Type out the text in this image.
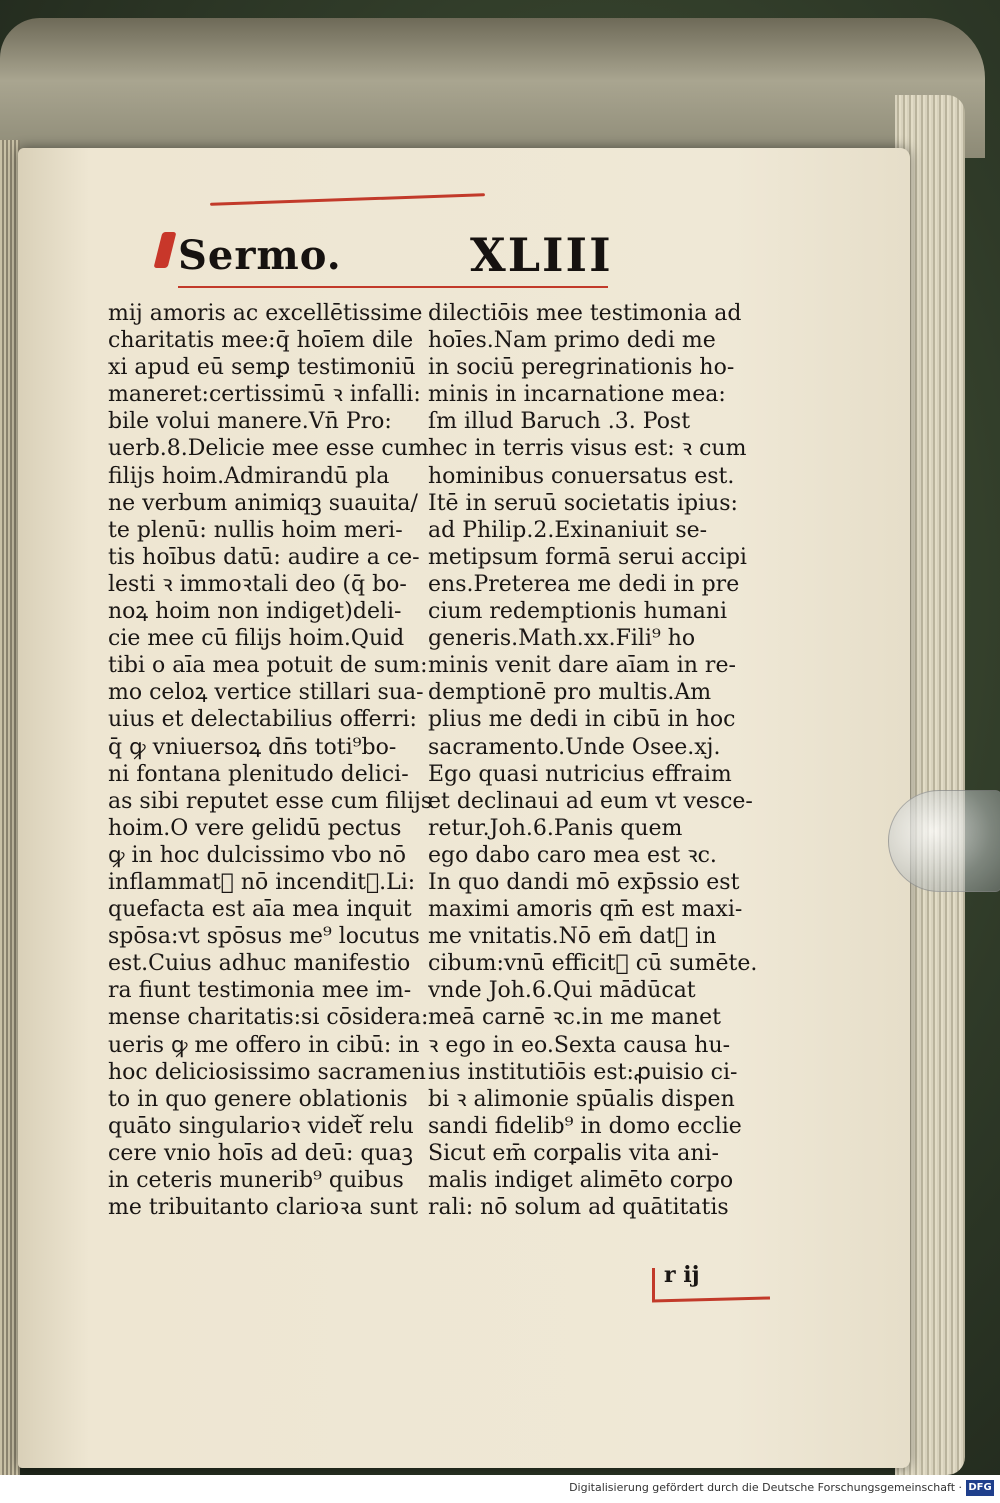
Sermo.	XLIII
mij amoris ac excellētissime
charitatis mee:q̄ hoīem dile
xi apud eū semꝑ testimoniū
maneret:certissimū ꝛ infalli:
bile volui manere.Vn̄ Pro:
uerb.8.Delicie mee esse cum
filijs hoim.Admirandū pla
ne verbum animiqꝫ suauita/
te plenū: nullis hoim meri-
tis hoībus datū: audire a ce-
lesti ꝛ immoꝛtali deo (q̄ bo-
noꝝ hoim non indiget)deli-
cie mee cū filijs hoim.Quid
tibi o aīa mea potuit de sum:
mo celoꝝ vertice stillari sua-
uius et delectabilius offerri:
q̄ ꝙ vniuersoꝝ dn̄s toti⁹bo-
ni fontana plenitudo delici-
as sibi reputet esse cum filijs
hoim.O vere gelidū pectus
ꝙ in hoc dulcissimo vbo nō
inflammatᷓ nō incenditᷓ.Li:
quefacta est aīa mea inquit
spōsa:vt spōsus me⁹ locutus
est.Cuius adhuc manifestio
ra fiunt testimonia mee im-
mense charitatis:si cōsidera:
ueris ꝙ me offero in cibū: in
hoc deliciosissimo sacramen
to in quo genere oblationis
quāto singularioꝛ videtᷓ relu
cere vnio hoīs ad deū: quaꝫ
in ceteris munerib⁹ quibus
me tribuitanto clarioꝛa sunt
dilectiōis mee testimonia ad
hoīes.Nam primo dedi me
in sociū peregrinationis ho-
minis in incarnatione mea:
ſm illud Baruch .3. Post
hec in terris visus est: ꝛ cum
hominibus conuersatus est.
Itē in seruū societatis ipius:
ad Philip.2.Exinaniuit se-
metipsum formā serui accipi
ens.Preterea me dedi in pre
cium redemptionis humani
generis.Math.xx.Fili⁹ ho
minis venit dare aīam in re-
demptionē pro multis.Am
plius me dedi in cibū in hoc
sacramento.Unde Osee.xj.
Ego quasi nutricius effraim
et declinaui ad eum vt vesce-
retur.Joh.6.Panis quem
ego dabo caro mea est ꝛc.
In quo dandi mō exp̄ssio est
maximi amoris qm̄ est maxi-
me vnitatis.Nō em̄ datᷓ in
cibum:vnū efficitᷓ cū sumēte.
vnde Joh.6.Qui mādūcat
meā carnē ꝛc.in me manet
ꝛ ego in eo.Sexta causa hu-
ius institutiōis est:ꝓuisio ci-
bi ꝛ alimonie spūalis dispen
sandi fidelib⁹ in domo eccl̄ie
Sicut em̄ corꝑalis vita ani-
malis indiget alimēto corpo
rali: nō solum ad quātitatis
r ij
Digitalisierung gefördert durch die Deutsche Forschungsgemeinschaft · DFG
